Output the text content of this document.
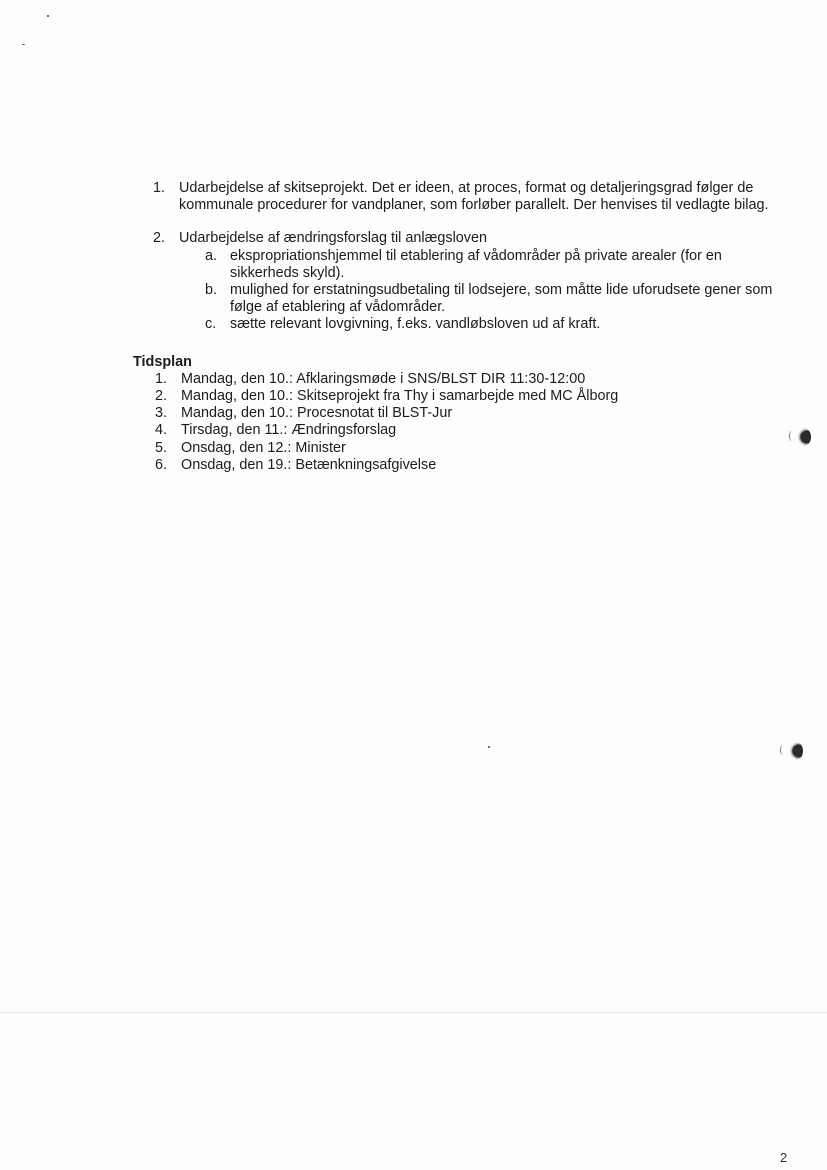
1. Udarbejdelse af skitseprojekt. Det er ideen, at proces, format og detaljeringsgrad følger de kommunale procedurer for vandplaner, som forløber parallelt. Der henvises til vedlagte bilag.
2. Udarbejdelse af ændringsforslag til anlægsloven
a. ekspropriationshjemmel til etablering af vådområder på private arealer (for en sikkerheds skyld).
b. mulighed for erstatningsudbetaling til lodsejere, som måtte lide uforudsete gener som følge af etablering af vådområder.
c. sætte relevant lovgivning, f.eks. vandløbsloven ud af kraft.
Tidsplan
1. Mandag, den 10.: Afklaringsmøde i SNS/BLST DIR 11:30-12:00
2. Mandag, den 10.: Skitseprojekt fra Thy i samarbejde med MC Ålborg
3. Mandag, den 10.: Procesnotat til BLST-Jur
4. Tirsdag, den 11.: Ændringsforslag
5. Onsdag, den 12.: Minister
6. Onsdag, den 19.: Betænkningsafgivelse
2
